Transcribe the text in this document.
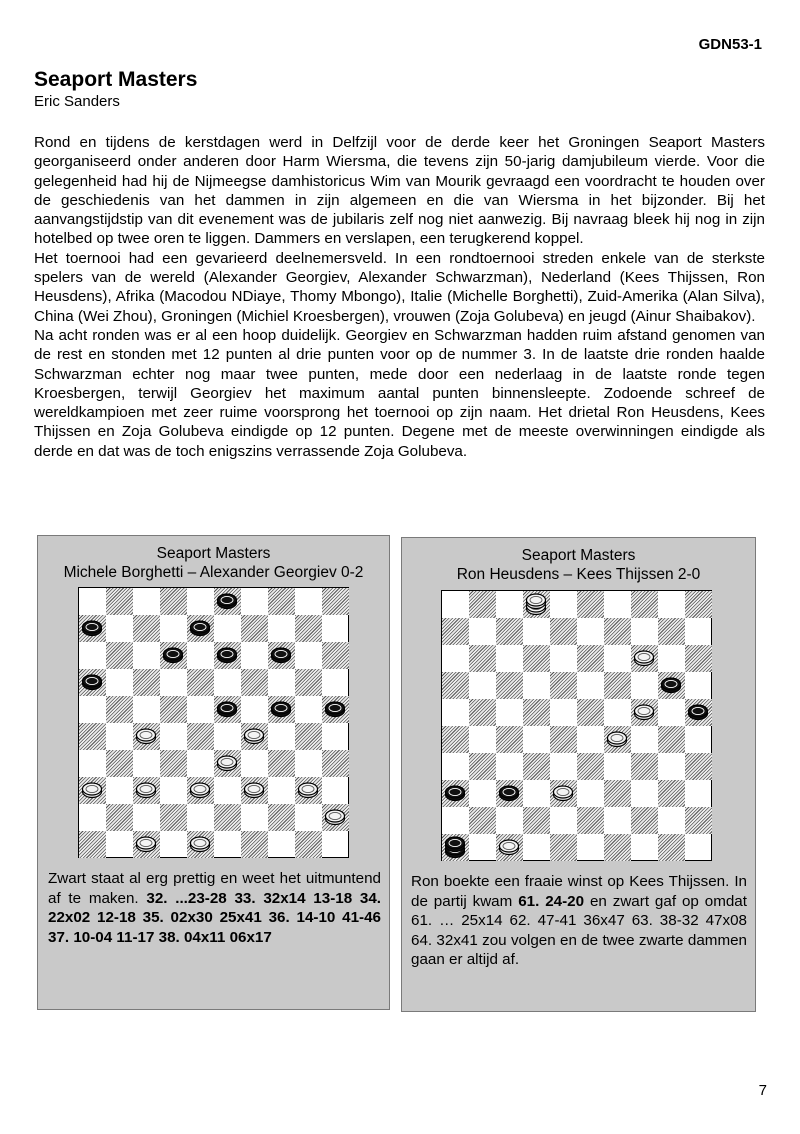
GDN53-1
Seaport Masters
Eric Sanders

Rond en tijdens de kerstdagen werd in Delfzijl voor de derde keer het Groningen Seaport Masters georganiseerd onder anderen door Harm Wiersma, die tevens zijn 50-jarig damjubileum vierde. Voor die gelegenheid had hij de Nijmeegse damhistoricus Wim van Mourik gevraagd een voordracht te houden over de geschiedenis van het dammen in zijn algemeen en die van Wiersma in het bijzonder. Bij het aanvangstijdstip van dit evenement was de jubilaris zelf nog niet aanwezig. Bij navraag bleek hij nog in zijn hotelbed op twee oren te liggen. Dammers en verslapen, een terugkerend koppel.

Het toernooi had een gevarieerd deelnemersveld. In een rondtoernooi streden enkele van de sterkste spelers van de wereld (Alexander Georgiev, Alexander Schwarzman), Nederland (Kees Thijssen, Ron Heusdens), Afrika (Macodou NDiaye, Thomy Mbongo), Italie (Michelle Borghetti), Zuid-Amerika (Alan Silva), China (Wei Zhou), Groningen (Michiel Kroesbergen), vrouwen (Zoja Golubeva) en jeugd (Ainur Shaibakov).

Na acht ronden was er al een hoop duidelijk. Georgiev en Schwarzman hadden ruim afstand genomen van de rest en stonden met 12 punten al drie punten voor op de nummer 3. In de laatste drie ronden haalde Schwarzman echter nog maar twee punten, mede door een nederlaag in de laatste ronde tegen Kroesbergen, terwijl Georgiev het maximum aantal punten binnensleepte. Zodoende schreef de wereldkampioen met zeer ruime voorsprong het toernooi op zijn naam. Het drietal Ron Heusdens, Kees Thijssen en Zoja Golubeva eindigde op 12 punten. Degene met de meeste overwinningen eindigde als derde en dat was de toch enigszins verrassende Zoja Golubeva.

Seaport Masters
Michele Borghetti – Alexander Georgiev 0-2
Zwart staat al erg prettig en weet het uitmuntend af te maken. 32. ...23-28 33. 32x14 13-18 34. 22x02 12-18 35. 02x30 25x41 36. 14-10 41-46 37. 10-04 11-17 38. 04x11 06x17
Seaport Masters
Ron Heusdens – Kees Thijssen 2-0
Ron boekte een fraaie winst op Kees Thijssen. In de partij kwam 61. 24-20 en zwart gaf op omdat 61. … 25x14 62. 47-41 36x47 63. 38-32 47x08 64. 32x41 zou volgen en de twee zwarte dammen gaan er altijd af.
7
